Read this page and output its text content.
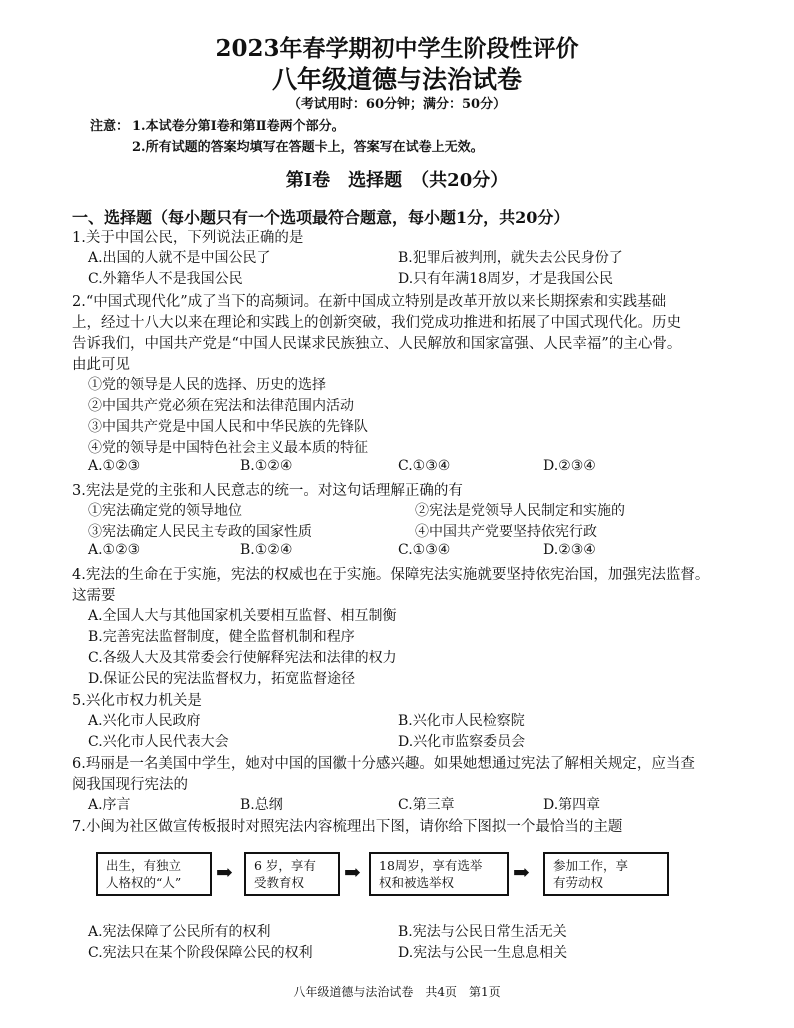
2023年春学期初中学生阶段性评价
八年级道德与法治试卷
（考试用时：60分钟；满分：50分）
注意： 1.本试卷分第Ⅰ卷和第Ⅱ卷两个部分。
2.所有试题的答案均填写在答题卡上，答案写在试卷上无效。
第Ⅰ卷　选择题　（共20分）
一、选择题（每小题只有一个选项最符合题意，每小题1分，共20分）
1.关于中国公民，下列说法正确的是
A.出国的人就不是中国公民了	B.犯罪后被判刑，就失去公民身份了
C.外籍华人不是我国公民	D.只有年满18周岁，才是我国公民
2.“中国式现代化”成了当下的高频词。在新中国成立特别是改革开放以来长期探索和实践基础
上，经过十八大以来在理论和实践上的创新突破，我们党成功推进和拓展了中国式现代化。历史
告诉我们，中国共产党是“中国人民谋求民族独立、人民解放和国家富强、人民幸福”的主心骨。
由此可见
①党的领导是人民的选择、历史的选择
②中国共产党必须在宪法和法律范围内活动
③中国共产党是中国人民和中华民族的先锋队
④党的领导是中国特色社会主义最本质的特征
A.①②③	B.①②④	C.①③④	D.②③④
3.宪法是党的主张和人民意志的统一。对这句话理解正确的有
①宪法确定党的领导地位	②宪法是党领导人民制定和实施的
③宪法确定人民民主专政的国家性质	④中国共产党要坚持依宪行政
A.①②③	B.①②④	C.①③④	D.②③④
4.宪法的生命在于实施，宪法的权威也在于实施。保障宪法实施就要坚持依宪治国，加强宪法监督。
这需要
A.全国人大与其他国家机关要相互监督、相互制衡
B.完善宪法监督制度，健全监督机制和程序
C.各级人大及其常委会行使解释宪法和法律的权力
D.保证公民的宪法监督权力，拓宽监督途径
5.兴化市权力机关是
A.兴化市人民政府	B.兴化市人民检察院
C.兴化市人民代表大会	D.兴化市监察委员会
6.玛丽是一名美国中学生，她对中国的国徽十分感兴趣。如果她想通过宪法了解相关规定，应当查
阅我国现行宪法的
A.序言	B.总纲	C.第三章	D.第四章
7.小闽为社区做宣传板报时对照宪法内容梳理出下图，请你给下图拟一个最恰当的主题
出生，有独立
人格权的“人”	➡ 6 岁，享有
受教育权	➡ 18周岁，享有选举
权和被选举权	➡ 参加工作，享
有劳动权
A.宪法保障了公民所有的权利	B.宪法与公民日常生活无关
C.宪法只在某个阶段保障公民的权利	D.宪法与公民一生息息相关
八年级道德与法治试卷　共4页　第1页
